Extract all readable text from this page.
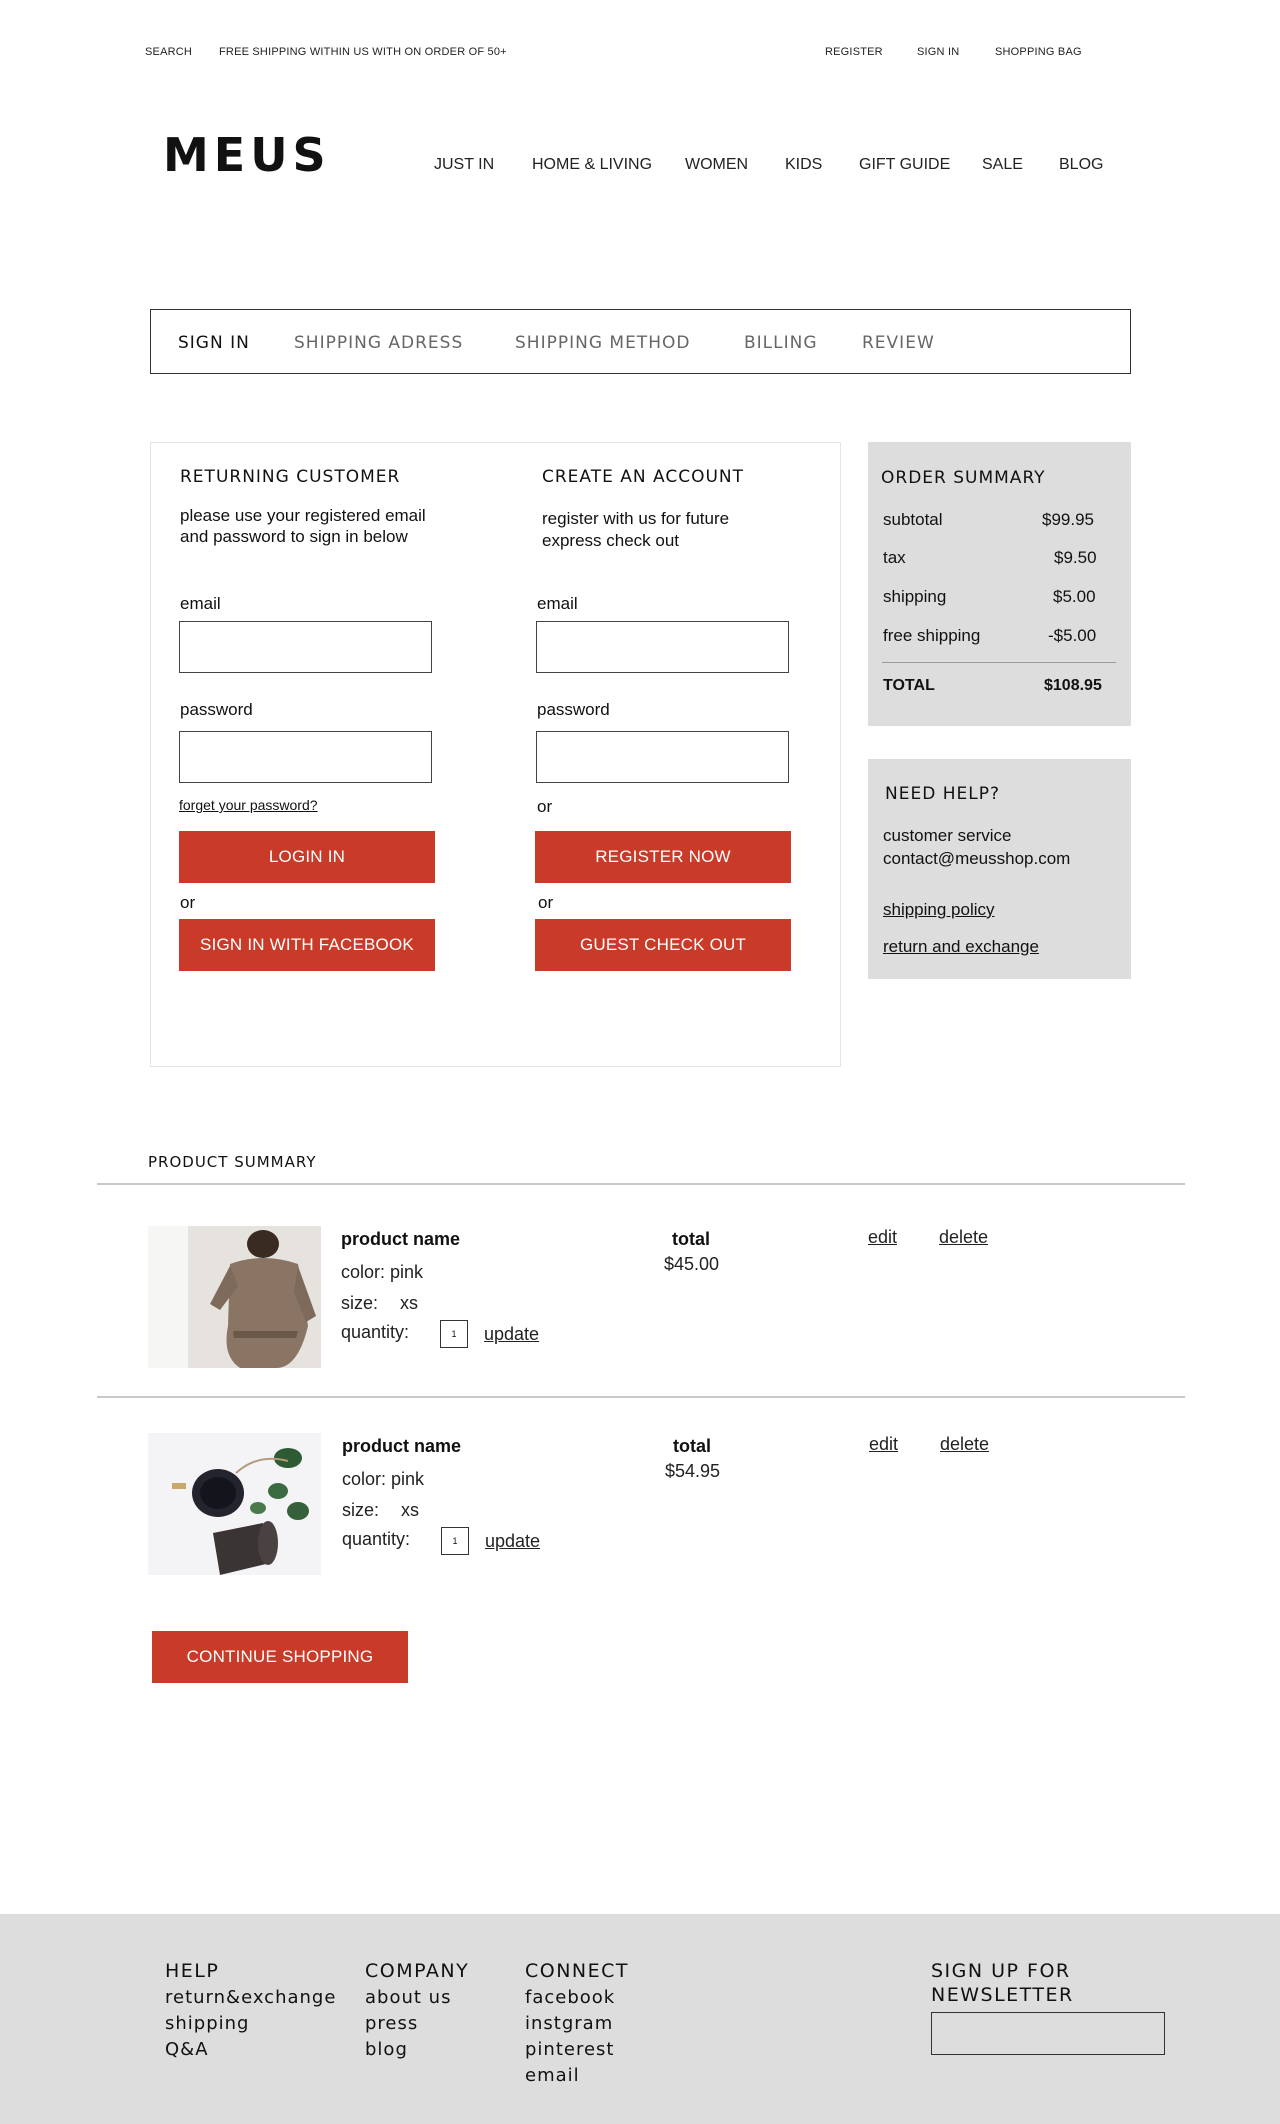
SEARCH FREE SHIPPING WITHIN US WITH ON ORDER OF 50+	REGISTER	SIGN IN	SHOPPING BAG
MEUS	JUST IN HOME & LIVING WOMEN KIDS GIFT GUIDE SALE BLOG
SIGN IN	SHIPPING ADRESS	SHIPPING METHOD	BILLING	REVIEW
RETURNING CUSTOMER
please use your registered email
and password to sign in below
email
password
forget your password?
LOGIN IN
or
SIGN IN WITH FACEBOOK
CREATE AN ACCOUNT
register with us for future
express check out
email
password
or
REGISTER NOW
or
GUEST CHECK OUT
ORDER SUMMARY
subtotal	$99.95
tax	$9.50
shipping	$5.00
free shipping	-$5.00
TOTAL	$108.95
NEED HELP?
customer service
contact@meusshop.com
shipping policy
return and exchange
PRODUCT SUMMARY
product name
color: pink
size: xs
quantity:	1	update
total
$45.00
edit delete
product name
color: pink
size: xs
quantity:	1	update
total
$54.95
edit delete
CONTINUE SHOPPING
HELP
return&exchange
shipping
Q&A
COMPANY
about us
press
blog
CONNECT
facebook
instgram
pinterest
email
SIGN UP FOR
NEWSLETTER
